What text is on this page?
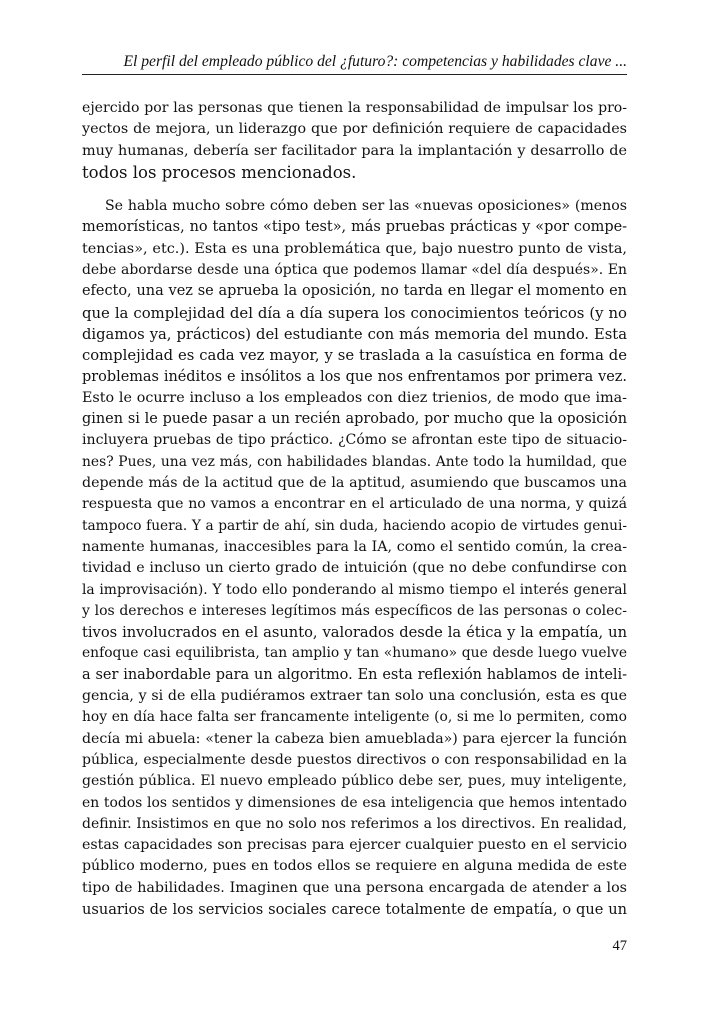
El perfil del empleado público del ¿futuro?: competencias y habilidades clave ...
ejercido por las personas que tienen la responsabilidad de impulsar los pro-
yectos de mejora, un liderazgo que por definición requiere de capacidades
muy humanas, debería ser facilitador para la implantación y desarrollo de
todos los procesos mencionados.
Se habla mucho sobre cómo deben ser las «nuevas oposiciones» (menos
memorísticas, no tantos «tipo test», más pruebas prácticas y «por compe-
tencias», etc.). Esta es una problemática que, bajo nuestro punto de vista,
debe abordarse desde una óptica que podemos llamar «del día después». En
efecto, una vez se aprueba la oposición, no tarda en llegar el momento en
que la complejidad del día a día supera los conocimientos teóricos (y no
digamos ya, prácticos) del estudiante con más memoria del mundo. Esta
complejidad es cada vez mayor, y se traslada a la casuística en forma de
problemas inéditos e insólitos a los que nos enfrentamos por primera vez.
Esto le ocurre incluso a los empleados con diez trienios, de modo que ima-
ginen si le puede pasar a un recién aprobado, por mucho que la oposición
incluyera pruebas de tipo práctico. ¿Cómo se afrontan este tipo de situacio-
nes? Pues, una vez más, con habilidades blandas. Ante todo la humildad, que
depende más de la actitud que de la aptitud, asumiendo que buscamos una
respuesta que no vamos a encontrar en el articulado de una norma, y quizá
tampoco fuera. Y a partir de ahí, sin duda, haciendo acopio de virtudes genui-
namente humanas, inaccesibles para la IA, como el sentido común, la crea-
tividad e incluso un cierto grado de intuición (que no debe confundirse con
la improvisación). Y todo ello ponderando al mismo tiempo el interés general
y los derechos e intereses legítimos más específicos de las personas o colec-
tivos involucrados en el asunto, valorados desde la ética y la empatía, un
enfoque casi equilibrista, tan amplio y tan «humano» que desde luego vuelve
a ser inabordable para un algoritmo. En esta reflexión hablamos de inteli-
gencia, y si de ella pudiéramos extraer tan solo una conclusión, esta es que
hoy en día hace falta ser francamente inteligente (o, si me lo permiten, como
decía mi abuela: «tener la cabeza bien amueblada») para ejercer la función
pública, especialmente desde puestos directivos o con responsabilidad en la
gestión pública. El nuevo empleado público debe ser, pues, muy inteligente,
en todos los sentidos y dimensiones de esa inteligencia que hemos intentado
definir. Insistimos en que no solo nos referimos a los directivos. En realidad,
estas capacidades son precisas para ejercer cualquier puesto en el servicio
público moderno, pues en todos ellos se requiere en alguna medida de este
tipo de habilidades. Imaginen que una persona encargada de atender a los
usuarios de los servicios sociales carece totalmente de empatía, o que un
47
